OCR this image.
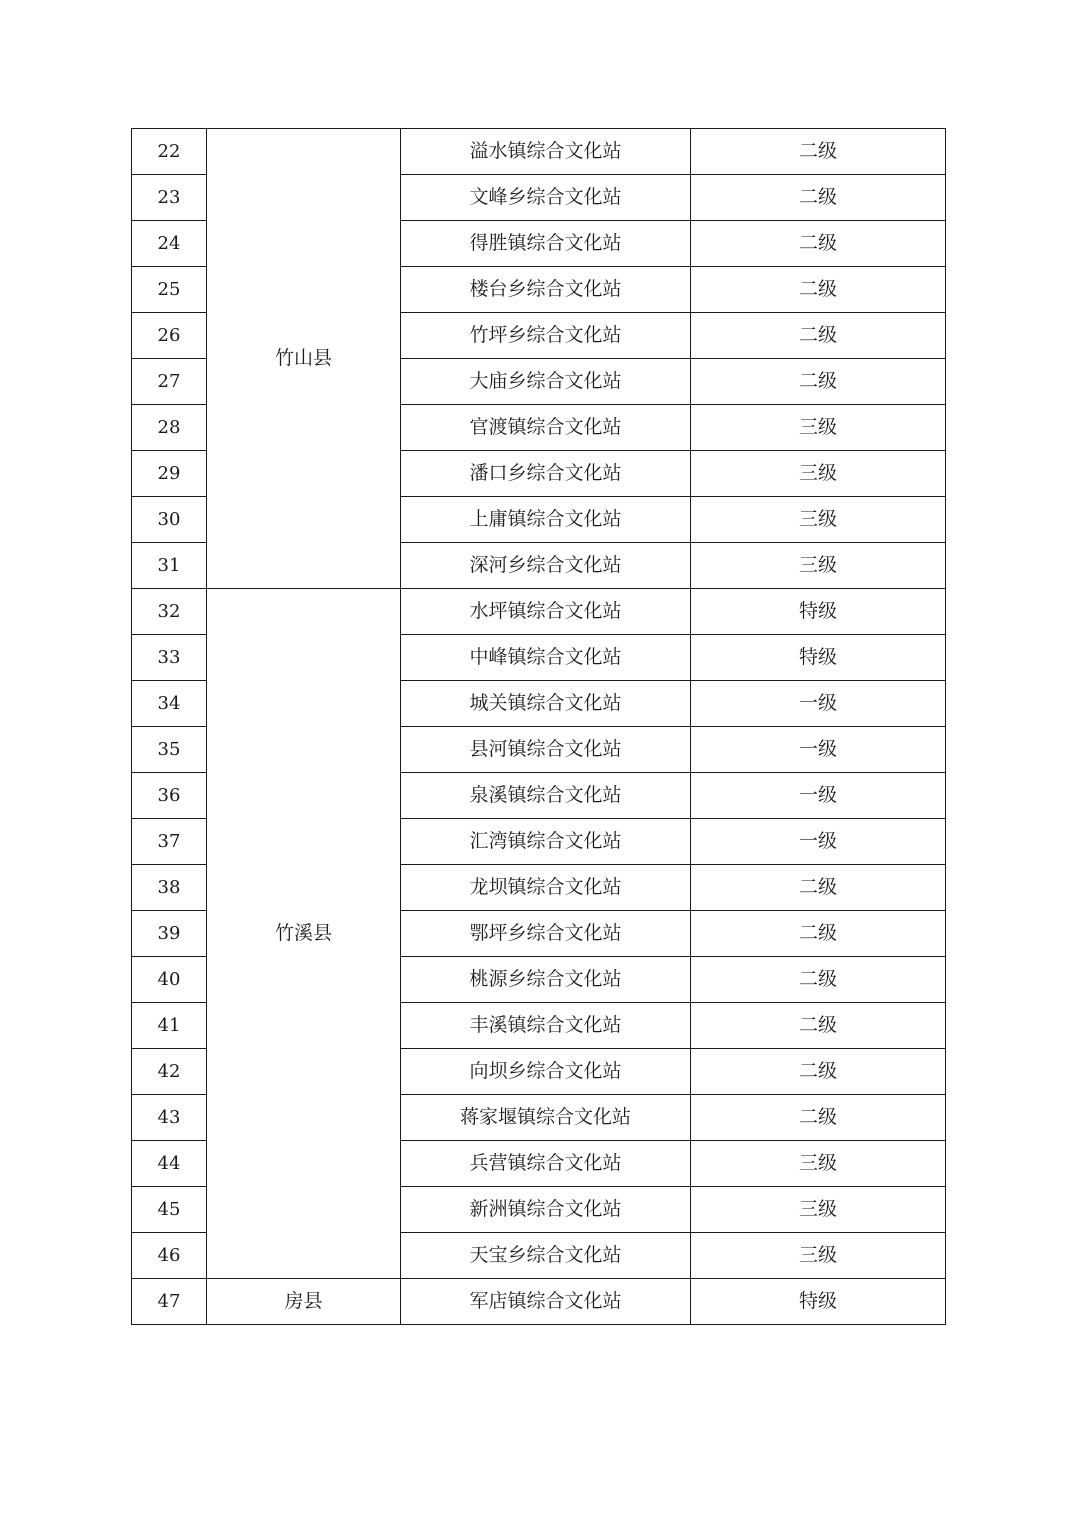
22	竹山县	溢水镇综合文化站	二级
23		文峰乡综合文化站	二级
24		得胜镇综合文化站	二级
25		楼台乡综合文化站	二级
26		竹坪乡综合文化站	二级
27		大庙乡综合文化站	二级
28		官渡镇综合文化站	三级
29		潘口乡综合文化站	三级
30		上庸镇综合文化站	三级
31		深河乡综合文化站	三级
32	竹溪县	水坪镇综合文化站	特级
33		中峰镇综合文化站	特级
34		城关镇综合文化站	一级
35		县河镇综合文化站	一级
36		泉溪镇综合文化站	一级
37		汇湾镇综合文化站	一级
38		龙坝镇综合文化站	二级
39		鄂坪乡综合文化站	二级
40		桃源乡综合文化站	二级
41		丰溪镇综合文化站	二级
42		向坝乡综合文化站	二级
43		蒋家堰镇综合文化站	二级
44		兵营镇综合文化站	三级
45		新洲镇综合文化站	三级
46		天宝乡综合文化站	三级
47	房县	军店镇综合文化站	特级
